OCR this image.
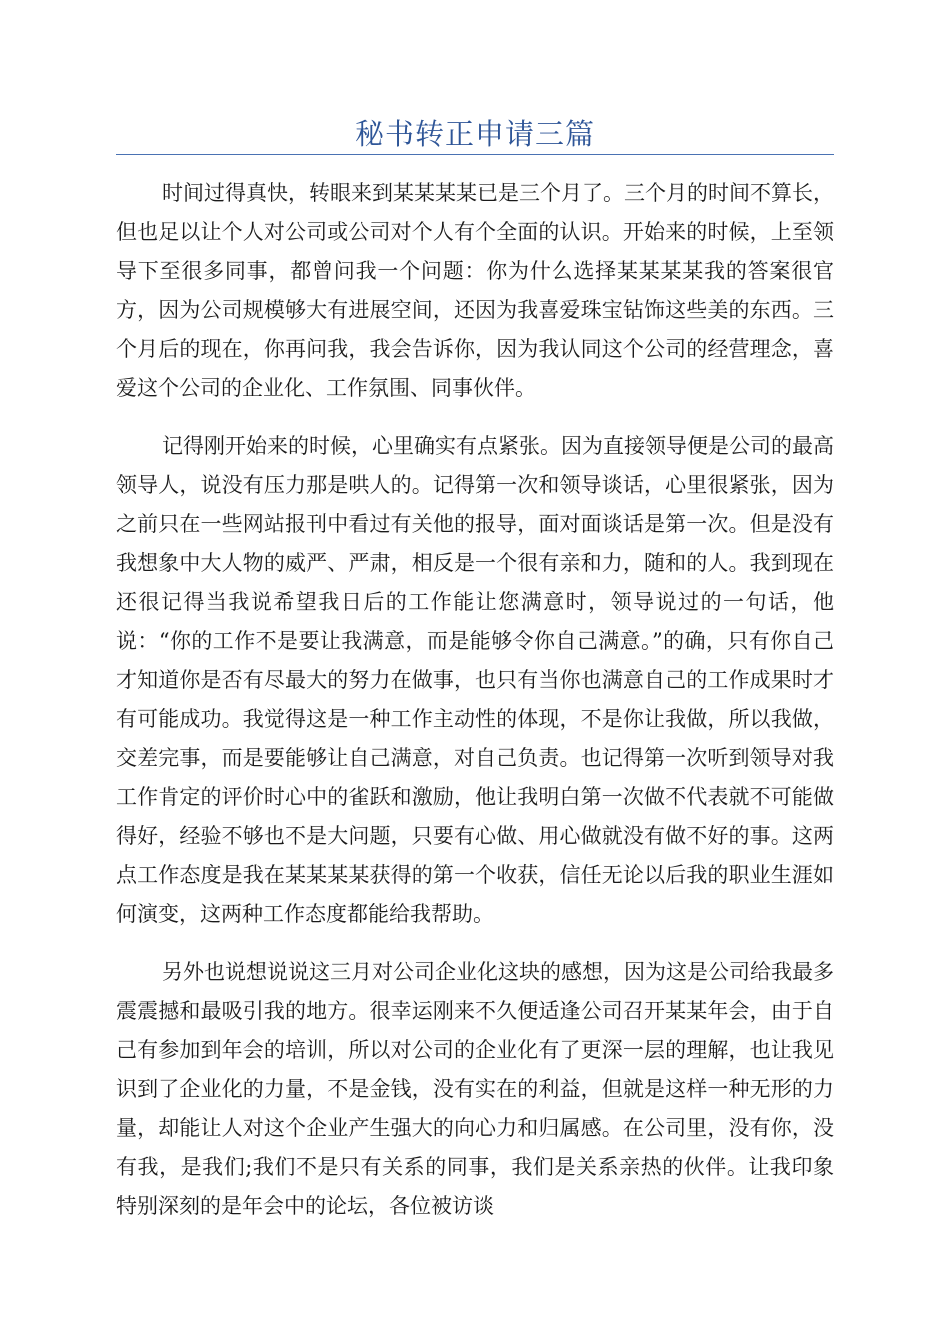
秘书转正申请三篇

时间过得真快，转眼来到某某某某已是三个月了。三个月的时间不算长，但也足以让个人对公司或公司对个人有个全面的认识。开始来的时候，上至领导下至很多同事，都曾问我一个问题：你为什么选择某某某某我的答案很官方，因为公司规模够大有进展空间，还因为我喜爱珠宝钻饰这些美的东西。三个月后的现在，你再问我，我会告诉你，因为我认同这个公司的经营理念，喜爱这个公司的企业化、工作氛围、同事伙伴。

记得刚开始来的时候，心里确实有点紧张。因为直接领导便是公司的最高领导人，说没有压力那是哄人的。记得第一次和领导谈话，心里很紧张，因为之前只在一些网站报刊中看过有关他的报导，面对面谈话是第一次。但是没有我想象中大人物的威严、严肃，相反是一个很有亲和力，随和的人。我到现在还很记得当我说希望我日后的工作能让您满意时，领导说过的一句话，他说：“你的工作不是要让我满意，而是能够令你自己满意。”的确，只有你自己才知道你是否有尽最大的努力在做事，也只有当你也满意自己的工作成果时才有可能成功。我觉得这是一种工作主动性的体现，不是你让我做，所以我做，交差完事，而是要能够让自己满意，对自己负责。也记得第一次听到领导对我工作肯定的评价时心中的雀跃和激励，他让我明白第一次做不代表就不可能做得好，经验不够也不是大问题，只要有心做、用心做就没有做不好的事。这两点工作态度是我在某某某某获得的第一个收获，信任无论以后我的职业生涯如何演变，这两种工作态度都能给我帮助。

另外也说想说说这三月对公司企业化这块的感想，因为这是公司给我最多震震撼和最吸引我的地方。很幸运刚来不久便适逢公司召开某某年会，由于自己有参加到年会的培训，所以对公司的企业化有了更深一层的理解，也让我见识到了企业化的力量，不是金钱，没有实在的利益，但就是这样一种无形的力量，却能让人对这个企业产生强大的向心力和归属感。在公司里，没有你，没有我，是我们;我们不是只有关系的同事，我们是关系亲热的伙伴。让我印象特别深刻的是年会中的论坛，各位被访谈
